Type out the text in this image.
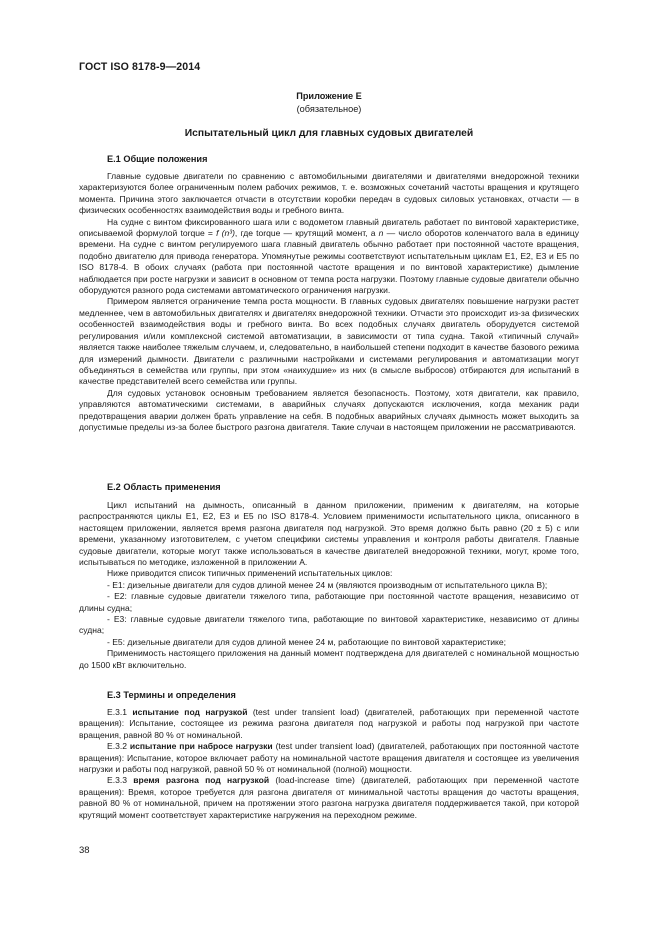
ГОСТ ISO 8178-9—2014
Приложение Е
(обязательное)
Испытательный цикл для главных судовых двигателей
Е.1 Общие положения

Главные судовые двигатели по сравнению с автомобильными двигателями и двигателями внедорожной техники характеризуются более ограниченным полем рабочих режимов, т. е. возможных сочетаний частоты вращения и крутящего момента. Причина этого заключается отчасти в отсутствии коробки передач в судовых силовых установках, отчасти — в физических особенностях взаимодействия воды и гребного винта.

На судне с винтом фиксированного шага или с водометом главный двигатель работает по винтовой характеристике, описываемой формулой torque = f (n³), где torque — крутящий момент, а n — число оборотов коленчатого вала в единицу времени. На судне с винтом регулируемого шага главный двигатель обычно работает при постоянной частоте вращения, подобно двигателю для привода генератора. Упомянутые режимы соответствуют испытательным циклам Е1, Е2, Е3 и Е5 по ISO 8178-4. В обоих случаях (работа при постоянной частоте вращения и по винтовой характеристике) дымление наблюдается при росте нагрузки и зависит в основном от темпа роста нагрузки. Поэтому главные судовые двигатели обычно оборудуются разного рода системами автоматического ограничения нагрузки.

Примером является ограничение темпа роста мощности. В главных судовых двигателях повышение нагрузки растет медленнее, чем в автомобильных двигателях и двигателях внедорожной техники. Отчасти это происходит из-за физических особенностей взаимодействия воды и гребного винта. Во всех подобных случаях двигатель оборудуется системой регулирования и/или комплексной системой автоматизации, в зависимости от типа судна. Такой «типичный случай» является также наиболее тяжелым случаем, и, следовательно, в наибольшей степени подходит в качестве базового режима для измерений дымности. Двигатели с различными настройками и системами регулирования и автоматизации могут объединяться в семейства или группы, при этом «наихудшие» из них (в смысле выбросов) отбираются для испытаний в качестве представителей всего семейства или группы.

Для судовых установок основным требованием является безопасность. Поэтому, хотя двигатели, как правило, управляются автоматическими системами, в аварийных случаях допускаются исключения, когда механик ради предотвращения аварии должен брать управление на себя. В подобных аварийных случаях дымность может выходить за допустимые пределы из-за более быстрого разгона двигателя. Такие случаи в настоящем приложении не рассматриваются.

Е.2 Область применения

Цикл испытаний на дымность, описанный в данном приложении, применим к двигателям, на которые распространяются циклы Е1, Е2, Е3 и Е5 по ISO 8178-4. Условием применимости испытательного цикла, описанного в настоящем приложении, является время разгона двигателя под нагрузкой. Это время должно быть равно (20 ± 5) с или времени, указанному изготовителем, с учетом специфики системы управления и контроля работы двигателя. Главные судовые двигатели, которые могут также использоваться в качестве двигателей внедорожной техники, могут, кроме того, испытываться по методике, изложенной в приложении А.

Ниже приводится список типичных применений испытательных циклов:

- Е1: дизельные двигатели для судов длиной менее 24 м (являются производным от испытательного цикла В);

- Е2: главные судовые двигатели тяжелого типа, работающие при постоянной частоте вращения, независимо от длины судна;

- Е3: главные судовые двигатели тяжелого типа, работающие по винтовой характеристике, независимо от длины судна;

- Е5: дизельные двигатели для судов длиной менее 24 м, работающие по винтовой характеристике;

Применимость настоящего приложения на данный момент подтверждена для двигателей с номинальной мощностью до 1500 кВт включительно.

Е.3 Термины и определения

Е.3.1 испытание под нагрузкой (test under transient load) (двигателей, работающих при переменной частоте вращения): Испытание, состоящее из режима разгона двигателя под нагрузкой и работы под нагрузкой при частоте вращения, равной 80 % от номинальной.

Е.3.2 испытание при набросе нагрузки (test under transient load) (двигателей, работающих при постоянной частоте вращения): Испытание, которое включает работу на номинальной частоте вращения двигателя и состоящее из увеличения нагрузки и работы под нагрузкой, равной 50 % от номинальной (полной) мощности.

Е.3.3 время разгона под нагрузкой (load-increase time) (двигателей, работающих при переменной частоте вращения): Время, которое требуется для разгона двигателя от минимальной частоты вращения до частоты вращения, равной 80 % от номинальной, причем на протяжении этого разгона нагрузка двигателя поддерживается такой, при которой крутящий момент соответствует характеристике нагружения на переходном режиме.

38
